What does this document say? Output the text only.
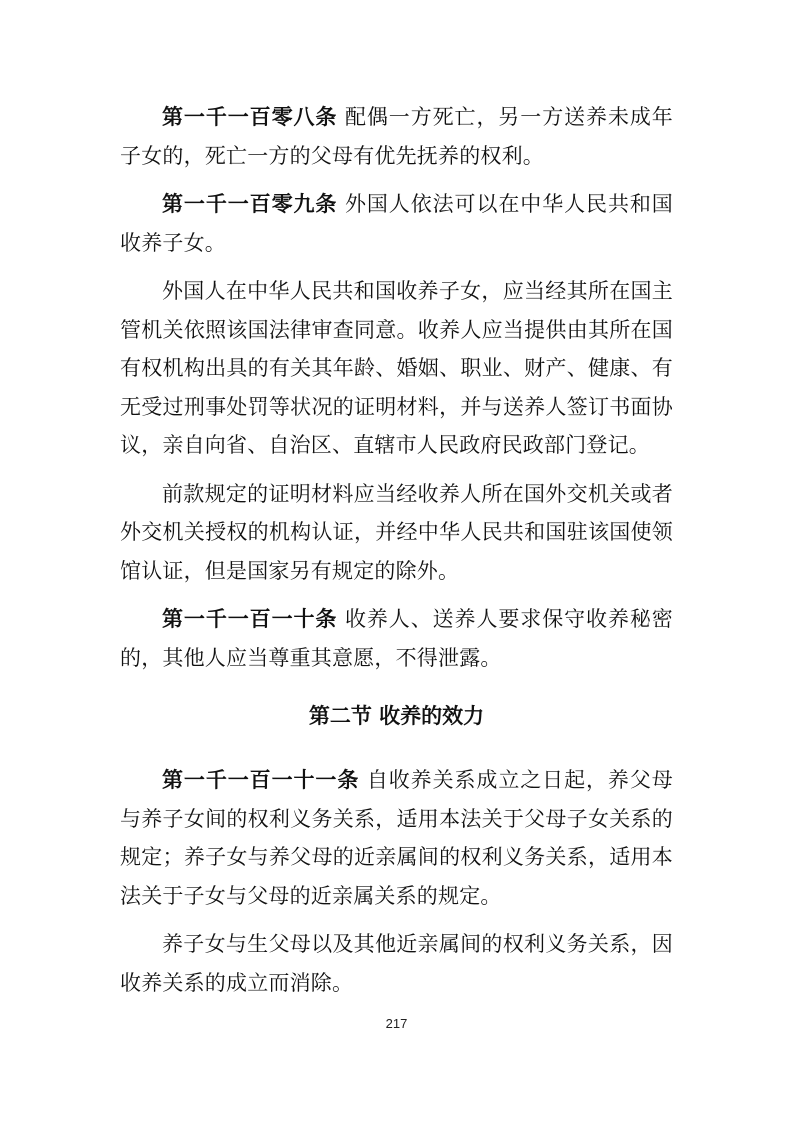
第一千一百零八条 配偶一方死亡，另一方送养未成年子女的，死亡一方的父母有优先抚养的权利。

第一千一百零九条 外国人依法可以在中华人民共和国收养子女。

外国人在中华人民共和国收养子女，应当经其所在国主管机关依照该国法律审查同意。收养人应当提供由其所在国有权机构出具的有关其年龄、婚姻、职业、财产、健康、有无受过刑事处罚等状况的证明材料，并与送养人签订书面协议，亲自向省、自治区、直辖市人民政府民政部门登记。

前款规定的证明材料应当经收养人所在国外交机关或者外交机关授权的机构认证，并经中华人民共和国驻该国使领馆认证，但是国家另有规定的除外。

第一千一百一十条 收养人、送养人要求保守收养秘密的，其他人应当尊重其意愿，不得泄露。

第二节 收养的效力

第一千一百一十一条 自收养关系成立之日起，养父母与养子女间的权利义务关系，适用本法关于父母子女关系的规定；养子女与养父母的近亲属间的权利义务关系，适用本法关于子女与父母的近亲属关系的规定。

养子女与生父母以及其他近亲属间的权利义务关系，因收养关系的成立而消除。

217
